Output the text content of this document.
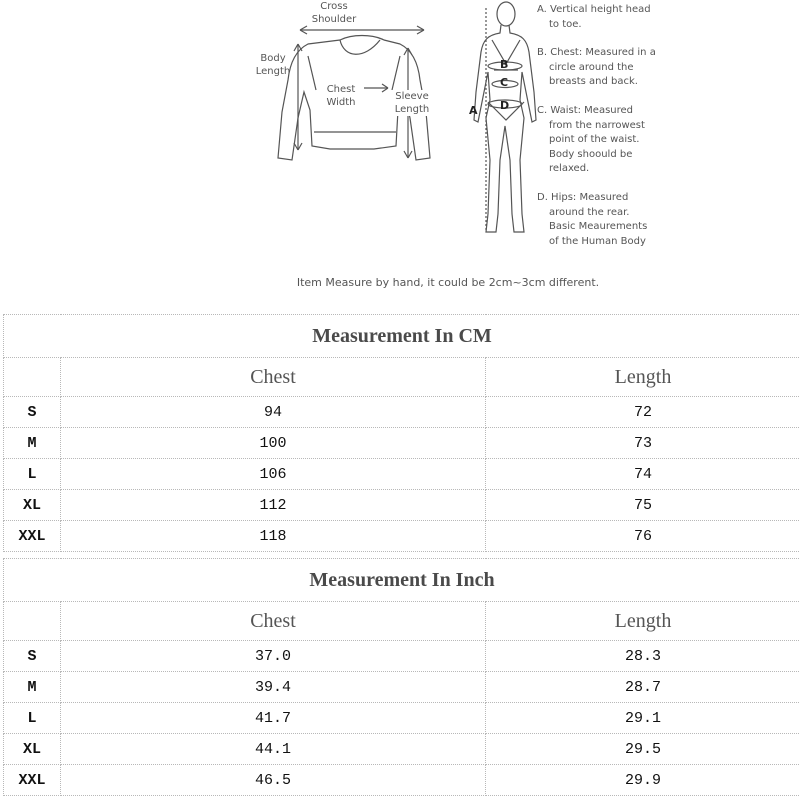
Cross
Shoulder
Body
Length
Chest
Width
Sleeve
Length	A
B
C
D
A. Vertical height head
to toe.
B. Chest: Measured in a
circle around the
breasts and back.
C. Waist: Measured
from the narrowest
point of the waist.
Body shoould be
relaxed.
D. Hips: Measured
around the rear.
Basic Meaurements
of the Human Body
Item Measure by hand, it could be 2cm~3cm different.
Measurement In CM		
	Chest	Length
S	94	72
M	100	73
L	106	74
XL	112	75
XXL	118	76
Measurement In Inch		
	Chest	Length
S	37.0	28.3
M	39.4	28.7
L	41.7	29.1
XL	44.1	29.5
XXL	46.5	29.9
